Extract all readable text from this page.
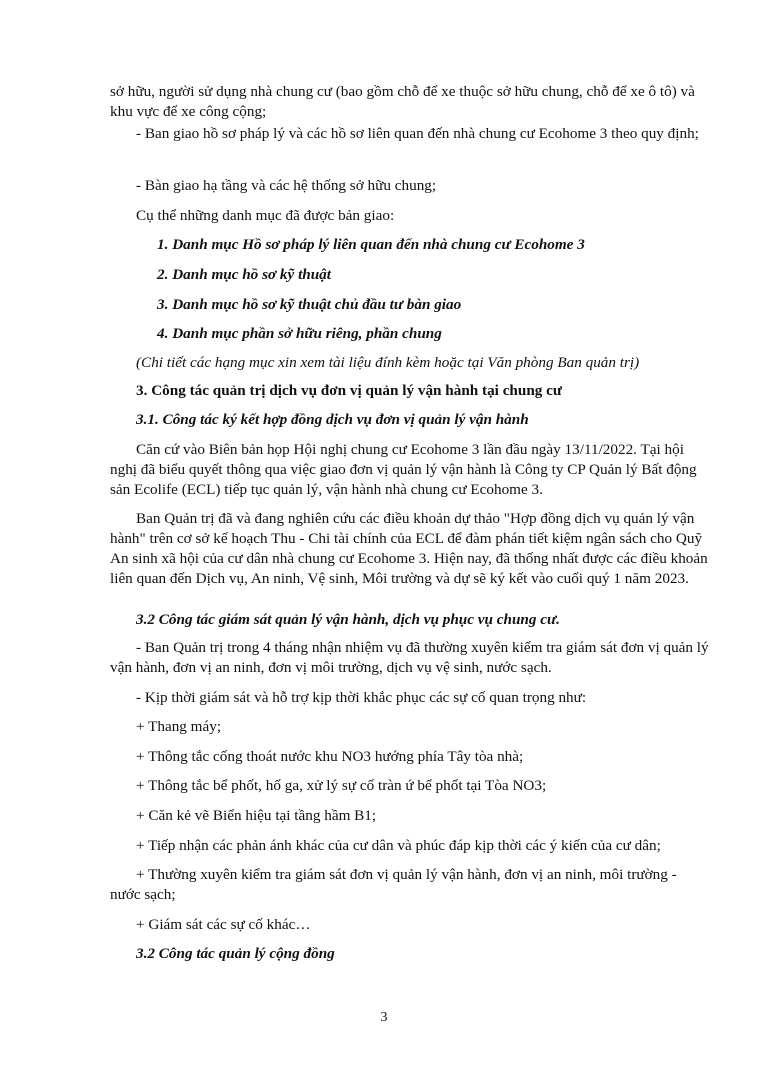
sở hữu, người sử dụng nhà chung cư (bao gồm chỗ để xe thuộc sở hữu chung, chỗ để xe ô tô) và khu vực để xe công cộng;

- Ban giao hồ sơ pháp lý và các hồ sơ liên quan đến nhà chung cư Ecohome 3 theo quy định;

- Bàn giao hạ tầng và các hệ thống sở hữu chung;

Cụ thể những danh mục đã được bản giao:

1. Danh mục Hồ sơ pháp lý liên quan đến nhà chung cư Ecohome 3

2. Danh mục hồ sơ kỹ thuật

3. Danh mục hồ sơ kỹ thuật chủ đầu tư bàn giao

4. Danh mục phần sở hữu riêng, phần chung

(Chi tiết các hạng mục xin xem tài liệu đính kèm hoặc tại Văn phòng Ban quản trị)

3. Công tác quản trị dịch vụ đơn vị quản lý vận hành tại chung cư

3.1. Công tác ký kết hợp đồng dịch vụ đơn vị quản lý vận hành

Căn cứ vào Biên bản họp Hội nghị chung cư Ecohome 3 lần đầu ngày 13/11/2022. Tại hội nghị đã biểu quyết thông qua việc giao đơn vị quản lý vận hành là Công ty CP Quản lý Bất động sản Ecolife (ECL) tiếp tục quản lý, vận hành nhà chung cư Ecohome 3.

Ban Quản trị đã và đang nghiên cứu các điều khoản dự thảo "Hợp đồng dịch vụ quản lý vận hành" trên cơ sở kế hoạch Thu - Chi tài chính của ECL để đàm phán tiết kiệm ngân sách cho Quỹ An sinh xã hội của cư dân nhà chung cư Ecohome 3. Hiện nay, đã thống nhất được các điều khoản liên quan đến Dịch vụ, An ninh, Vệ sinh, Môi trường và dự sẽ ký kết vào cuối quý 1 năm 2023.

3.2 Công tác giám sát quản lý vận hành, dịch vụ phục vụ chung cư.

- Ban Quản trị trong 4 tháng nhận nhiệm vụ đã thường xuyên kiểm tra giám sát đơn vị quản lý vận hành, đơn vị an ninh, đơn vị môi trường, dịch vụ vệ sinh, nước sạch.

- Kịp thời giám sát và hỗ trợ kịp thời khắc phục các sự cố quan trọng như:

+ Thang máy;

+ Thông tắc cống thoát nước khu NO3 hướng phía Tây tòa nhà;

+ Thông tắc bể phốt, hố ga, xử lý sự cố tràn ứ bể phốt tại Tòa NO3;

+ Căn kẻ vẽ Biển hiệu tại tầng hầm B1;

+ Tiếp nhận các phản ánh khác của cư dân và phúc đáp kịp thời các ý kiến của cư dân;

+ Thường xuyên kiểm tra giám sát đơn vị quản lý vận hành, đơn vị an ninh, môi trường - nước sạch;

+ Giám sát các sự cố khác…

3.2 Công tác quản lý cộng đồng

3
